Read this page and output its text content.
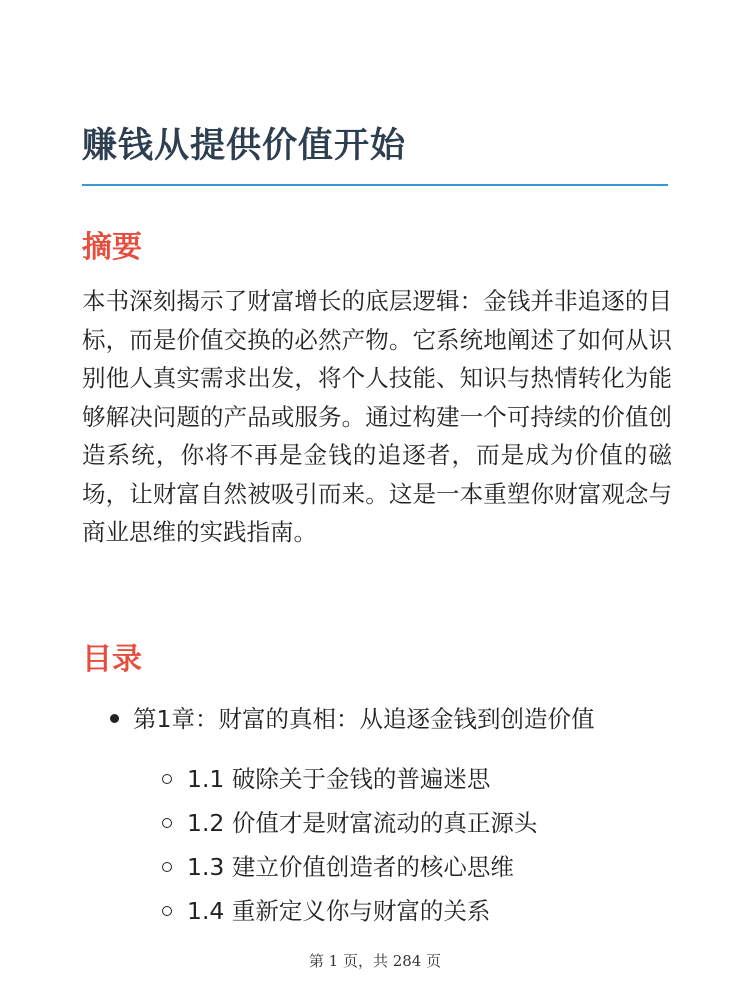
赚钱从提供价值开始
摘要

本书深刻揭示了财富增长的底层逻辑：金钱并非追逐的目标，而是价值交换的必然产物。它系统地阐述了如何从识别他人真实需求出发，将个人技能、知识与热情转化为能够解决问题的产品或服务。通过构建一个可持续的价值创造系统，你将不再是金钱的追逐者，而是成为价值的磁场，让财富自然被吸引而来。这是一本重塑你财富观念与商业思维的实践指南。

目录
第1章：财富的真相：从追逐金钱到创造价值
1.1 破除关于金钱的普遍迷思
1.2 价值才是财富流动的真正源头
1.3 建立价值创造者的核心思维
1.4 重新定义你与财富的关系
第 1 页，共 284 页
